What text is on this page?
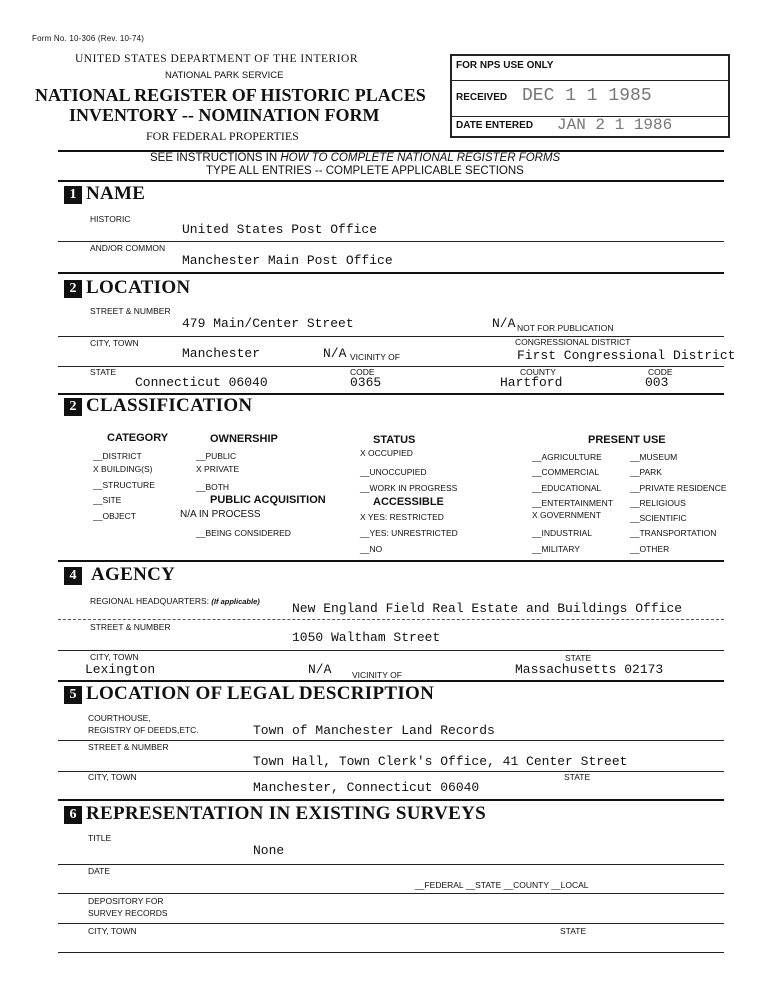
Form No. 10-306 (Rev. 10-74)
UNITED STATES DEPARTMENT OF THE INTERIOR
NATIONAL PARK SERVICE
NATIONAL REGISTER OF HISTORIC PLACES
INVENTORY -- NOMINATION FORM
FOR FEDERAL PROPERTIES
FOR NPS USE ONLY
RECEIVED DEC 1 1 1985
DATE ENTERED JAN 2 1 1986
SEE INSTRUCTIONS IN HOW TO COMPLETE NATIONAL REGISTER FORMS
TYPE ALL ENTRIES -- COMPLETE APPLICABLE SECTIONS
1 NAME
HISTORIC
United States Post Office
AND/OR COMMON
Manchester Main Post Office
2 LOCATION
STREET & NUMBER
479 Main/Center Street	N/A NOT FOR PUBLICATION
CITY, TOWN	CONGRESSIONAL DISTRICT
Manchester	N/A VICINITY OF	First Congressional District
STATE	CODE	COUNTY	CODE
Connecticut 06040	0365	Hartford	003
2 CLASSIFICATION
CATEGORY
__DISTRICT
X BUILDING(S)
__STRUCTURE
__SITE
__OBJECT
OWNERSHIP
__PUBLIC
X PRIVATE
__BOTH
PUBLIC ACQUISITION
N/A IN PROCESS
__BEING CONSIDERED
STATUS
X OCCUPIED
__UNOCCUPIED
__WORK IN PROGRESS
ACCESSIBLE
X YES: RESTRICTED
__YES: UNRESTRICTED
__NO
PRESENT USE
__AGRICULTURE
__COMMERCIAL
__EDUCATIONAL
__ENTERTAINMENT
X GOVERNMENT
__INDUSTRIAL
__MILITARY
__MUSEUM
__PARK
__PRIVATE RESIDENCE
__RELIGIOUS
__SCIENTIFIC
__TRANSPORTATION
__OTHER
4 AGENCY
REGIONAL HEADQUARTERS: (If applicable) New England Field Real Estate and Buildings Office
STREET & NUMBER
1050 Waltham Street
CITY, TOWN	STATE
Lexington	N/A VICINITY OF	Massachusetts 02173
5 LOCATION OF LEGAL DESCRIPTION
COURTHOUSE,
REGISTRY OF DEEDS,ETC.	Town of Manchester Land Records
STREET & NUMBER
Town Hall, Town Clerk's Office, 41 Center Street
CITY, TOWN	STATE
Manchester, Connecticut 06040
6 REPRESENTATION IN EXISTING SURVEYS
TITLE
None
DATE
__FEDERAL __STATE __COUNTY __LOCAL
DEPOSITORY FOR
SURVEY RECORDS
CITY, TOWN	STATE
